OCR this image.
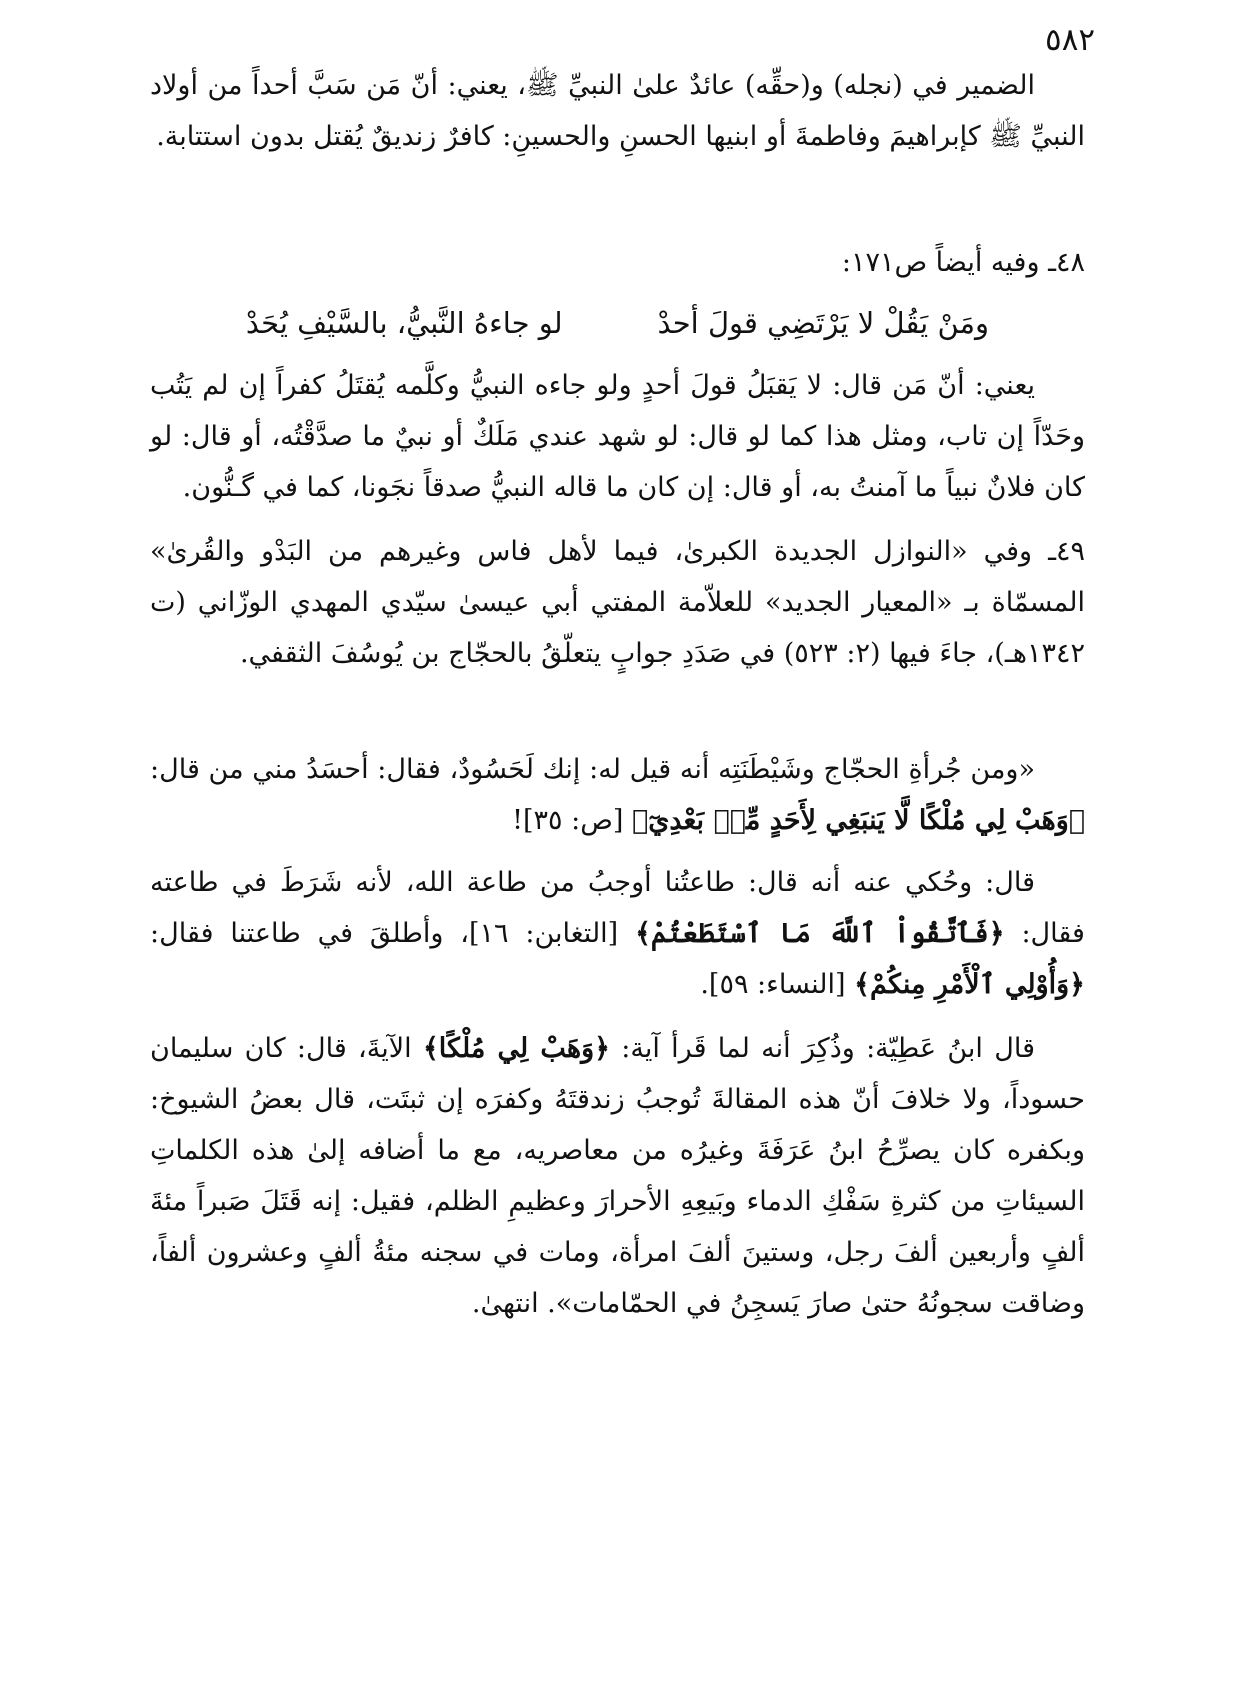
٥٨٢

الضمير في (نجله) و(حقِّه) عائدٌ علىٰ النبيِّ ﷺ، يعني: أنّ مَن سَبَّ أحداً من أولاد النبيِّ ﷺ كإبراهيمَ وفاطمةَ أو ابنيها الحسنِ والحسينِ: كافرٌ زنديقٌ يُقتل بدون استتابة.

٤٨ـ وفيه أيضاً ص١٧١:

ومَنْ يَقُلْ لا يَرْتَضِي قولَ أحدْ
لو جاءهُ النَّبيُّ، بالسَّيْفِ يُحَدْ

يعني: أنّ مَن قال: لا يَقبَلُ قولَ أحدٍ ولو جاءه النبيُّ وكلَّمه يُقتَلُ كفراً إن لم يَتُب وحَدّاً إن تاب، ومثل هذا كما لو قال: لو شهد عندي مَلَكٌ أو نبيٌ ما صدَّقْتُه، أو قال: لو كان فلانٌ نبياً ما آمنتُ به، أو قال: إن كان ما قاله النبيُّ صدقاً نجَونا، كما في گـنُّون.

٤٩ـ وفي «النوازل الجديدة الكبرىٰ، فيما لأهل فاس وغيرهم من البَدْو والقُرىٰ» المسمّاة بـ «المعيار الجديد» للعلاّمة المفتي أبي عيسىٰ سيّدي المهدي الوزّاني (ت ١٣٤٢هـ)، جاءَ فيها (٢: ٥٢٣) في صَدَدِ جوابٍ يتعلّقُ بالحجّاج بن يُوسُفَ الثقفي.

«ومن جُرأةِ الحجّاج وشَيْطَنَتِه أنه قيل له: إنك لَحَسُودٌ، فقال: أحسَدُ مني من قال: ﴿وَهَبْ لِي مُلْكًا لَّا يَنبَغِي لِأَحَدٍ مِّنۢ بَعْدِيٓ﴾ [ص: ٣٥]!

قال: وحُكي عنه أنه قال: طاعتُنا أوجبُ من طاعة الله، لأنه شَرَطَ في طاعته فقال: ﴿فَٱتَّقُواْ ٱللَّهَ مَا ٱسْتَطَعْتُمْ﴾ [التغابن: ١٦]، وأطلقَ في طاعتنا فقال: ﴿وَأُوْلِي ٱلْأَمْرِ مِنكُمْ﴾ [النساء: ٥٩].

قال ابنُ عَطِيّة: وذُكِرَ أنه لما قَرأ آية: ﴿وَهَبْ لِي مُلْكًا﴾ الآيةَ، قال: كان سليمان حسوداً، ولا خلافَ أنّ هذه المقالةَ تُوجبُ زندقتَهُ وكفرَه إن ثبتَت، قال بعضُ الشيوخ: وبكفره كان يصرِّحُ ابنُ عَرَفَةَ وغيرُه من معاصريه، مع ما أضافه إلىٰ هذه الكلماتِ السيئاتِ من كثرةِ سَفْكِ الدماء وبَيعِهِ الأحرارَ وعظيمِ الظلم، فقيل: إنه قَتَلَ صَبراً مئةَ ألفٍ وأربعين ألفَ رجل، وستينَ ألفَ امرأة، ومات في سجنه مئةُ ألفٍ وعشرون ألفاً، وضاقت سجونُهُ حتىٰ صارَ يَسجِنُ في الحمّامات». انتهىٰ.
